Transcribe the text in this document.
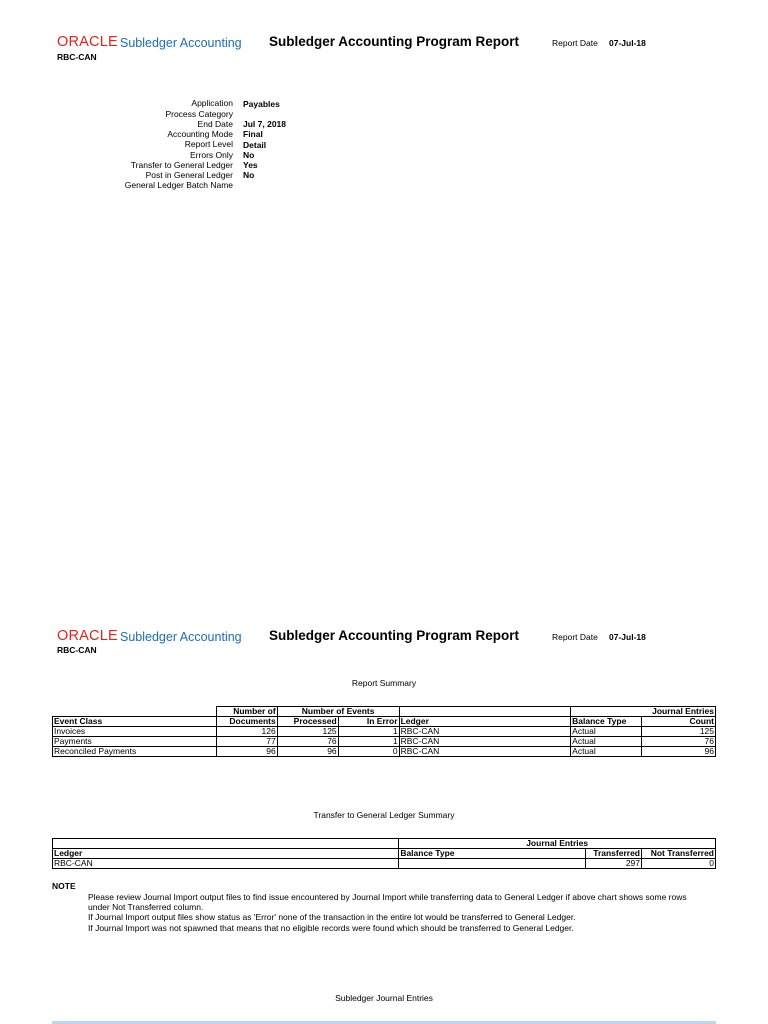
ORACLE Subledger Accounting Subledger Accounting Program Report	Report Date 07-Jul-18
RBC-CAN
Application Payables
Process Category
End Date Jul 7, 2018
Accounting Mode Final
Report Level Detail
Errors Only No
Transfer to General Ledger Yes
Post in General Ledger No
General Ledger Batch Name
ORACLE Subledger Accounting Subledger Accounting Program Report	Report Date 07-Jul-18
RBC-CAN
Report Summary
	Number of	Number of Events			Journal Entries	
Event Class	Documents	Processed	In Error	Ledger	Balance Type	Count
Invoices	126	125	1	RBC-CAN	Actual	125
Payments	77	76	1	RBC-CAN	Actual	76
Reconciled Payments	96	96	0	RBC-CAN	Actual	96
Transfer to General Ledger Summary
	Journal Entries		
Ledger	Balance Type	Transferred	Not Transferred
RBC-CAN		297	0
NOTE
Please review Journal Import output files to find issue encountered by Journal Import while transferring data to General Ledger if above chart shows some rows
under Not Transferred column.
If Journal Import output files show status as 'Error' none of the transaction in the entire lot would be transferred to General Ledger.
If Journal Import was not spawned that means that no eligible records were found which should be transferred to General Ledger.
Subledger Journal Entries
